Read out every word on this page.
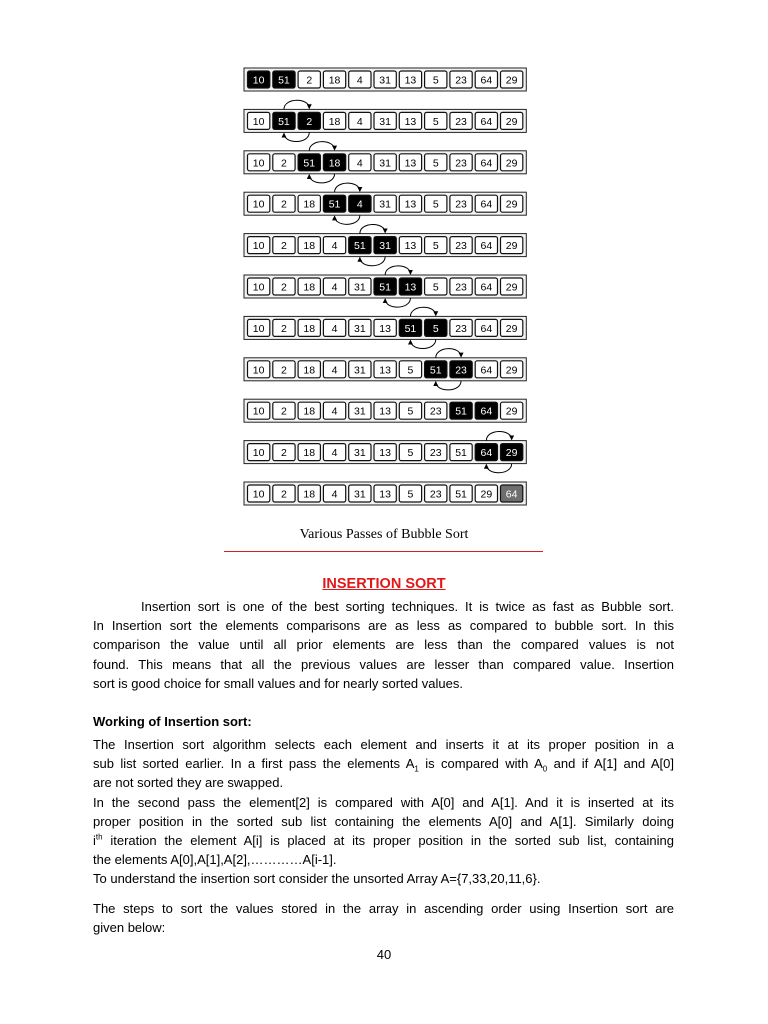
10 51 2 18 4 31 13 5 23 64 29
10 51 2 18 4 31 13 5 23 64 29
10 2 51 18 4 31 13 5 23 64 29
10 2 18 51 4 31 13 5 23 64 29
10 2 18 4 51 31 13 5 23 64 29
10 2 18 4 31 51 13 5 23 64 29
10 2 18 4 31 13 51 5 23 64 29
10 2 18 4 31 13 5 51 23 64 29
10 2 18 4 31 13 5 23 51 64 29
10 2 18 4 31 13 5 23 51 64 29
10 2 18 4 31 13 5 23 51 29 64
Various Passes of Bubble Sort
INSERTION SORT

Insertion sort is one of the best sorting techniques. It is twice as fast as Bubble sort.

In Insertion sort the elements comparisons are as less as compared to bubble sort. In this

comparison the value until all prior elements are less than the compared values is not

found. This means that all the previous values are lesser than compared value. Insertion

sort is good choice for small values and for nearly sorted values.

Working of Insertion sort:

The Insertion sort algorithm selects each element and inserts it at its proper position in a

sub list sorted earlier. In a first pass the elements $A_1$ is compared with $A_0$ and if A[1] and A[0]

are not sorted they are swapped.

In the second pass the element[2] is compared with A[0] and A[1]. And it is inserted at its

proper position in the sorted sub list containing the elements A[0] and A[1]. Similarly doing

$i^{th}$ iteration the element A[i] is placed at its proper position in the sorted sub list, containing

the elements A[0],A[1],A[2],…………A[i-1].

To understand the insertion sort consider the unsorted Array A={7,33,20,11,6}.

The steps to sort the values stored in the array in ascending order using Insertion sort are

given below:

40
